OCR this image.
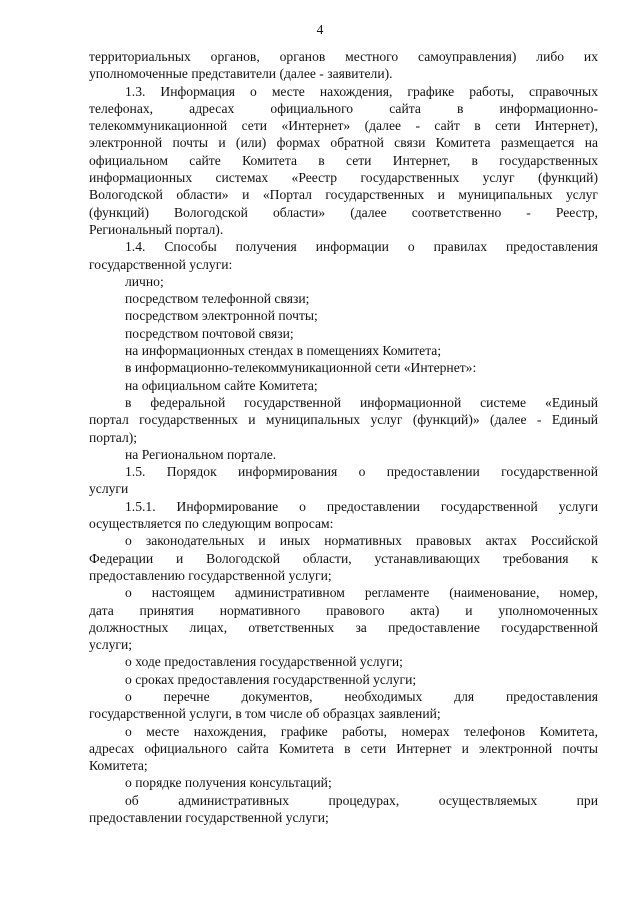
4
территориальных органов, органов местного самоуправления) либо их
уполномоченные представители (далее - заявители).
1.3. Информация о месте нахождения, графике работы, справочных
телефонах, адресах официального сайта в информационно-
телекоммуникационной сети «Интернет» (далее - сайт в сети Интернет),
электронной почты и (или) формах обратной связи Комитета размещается на
официальном сайте Комитета в сети Интернет, в государственных
информационных системах «Реестр государственных услуг (функций)
Вологодской области» и «Портал государственных и муниципальных услуг
(функций) Вологодской области» (далее соответственно - Реестр,
Региональный портал).
1.4. Способы получения информации о правилах предоставления
государственной услуги:
лично;
посредством телефонной связи;
посредством электронной почты;
посредством почтовой связи;
на информационных стендах в помещениях Комитета;
в информационно-телекоммуникационной сети «Интернет»:
на официальном сайте Комитета;
в федеральной государственной информационной системе «Единый
портал государственных и муниципальных услуг (функций)» (далее - Единый
портал);
на Региональном портале.
1.5. Порядок информирования о предоставлении государственной
услуги
1.5.1. Информирование о предоставлении государственной услуги
осуществляется по следующим вопросам:
о законодательных и иных нормативных правовых актах Российской
Федерации и Вологодской области, устанавливающих требования к
предоставлению государственной услуги;
о настоящем административном регламенте (наименование, номер,
дата принятия нормативного правового акта) и уполномоченных
должностных лицах, ответственных за предоставление государственной
услуги;
о ходе предоставления государственной услуги;
о сроках предоставления государственной услуги;
о перечне документов, необходимых для предоставления
государственной услуги, в том числе об образцах заявлений;
о месте нахождения, графике работы, номерах телефонов Комитета,
адресах официального сайта Комитета в сети Интернет и электронной почты
Комитета;
о порядке получения консультаций;
об административных процедурах, осуществляемых при
предоставлении государственной услуги;
